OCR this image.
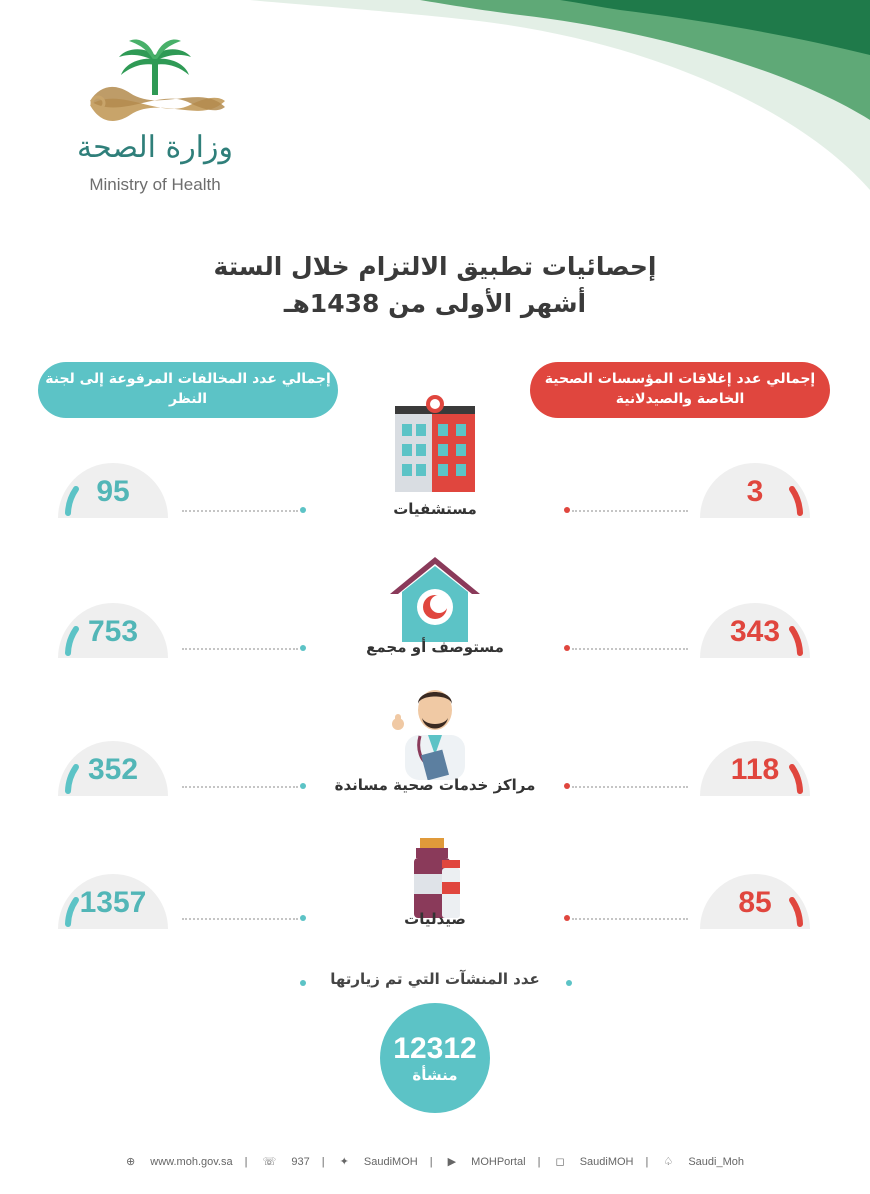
وزارة الصحة
Ministry of Health
إحصائيات تطبيق الالتزام خلال الستة
أشهر الأولى من 1438هـ
إجمالي عدد المخالفات المرفوعة إلى لجنة النظر
إجمالي عدد إغلاقات المؤسسات الصحية الخاصة والصيدلانية
مستشفيات
95	3
مستوصف أو مجمع
753	343
مراكز خدمات صحية مساندة
352	118
صيدليات
1357	85
عدد المنشآت التي تم زيارتها
12312
منشأة
⊕ www.moh.gov.sa | ☏ 937 | ✦ SaudiMOH | ▶ MOHPortal | ◻ SaudiMOH | ♤ Saudi_Moh
